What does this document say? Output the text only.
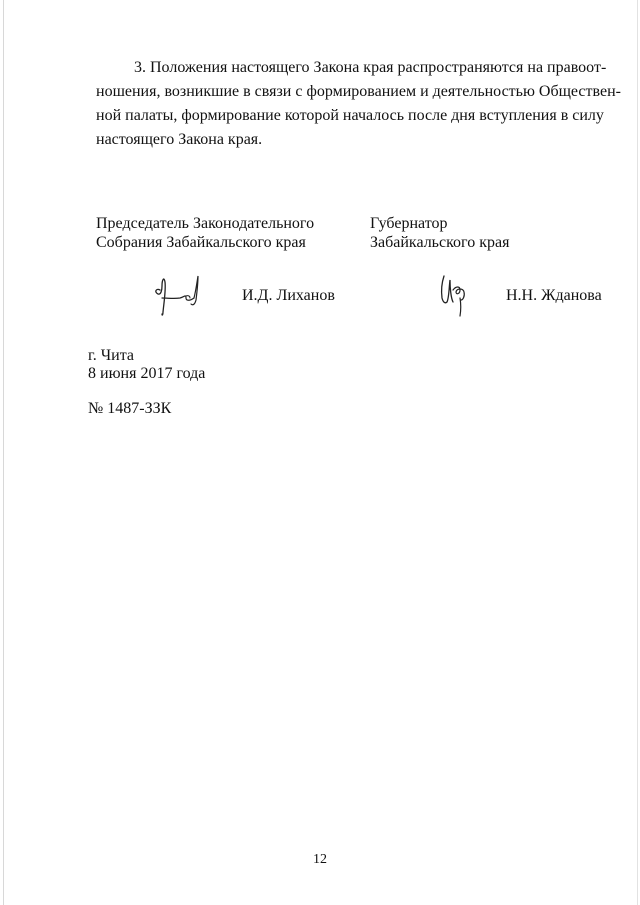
3. Положения настоящего Закона края распространяются на правоот-
ношения, возникшие в связи с формированием и деятельностью Обществен-
ной палаты, формирование которой началось после дня вступления в силу
настоящего Закона края.

Председатель Законодательного
Собрания Забайкальского края

Губернатор
Забайкальского края

И.Д. Лиханов	Н.Н. Жданова

г. Чита
8 июня 2017 года

№ 1487-ЗЗК
12
